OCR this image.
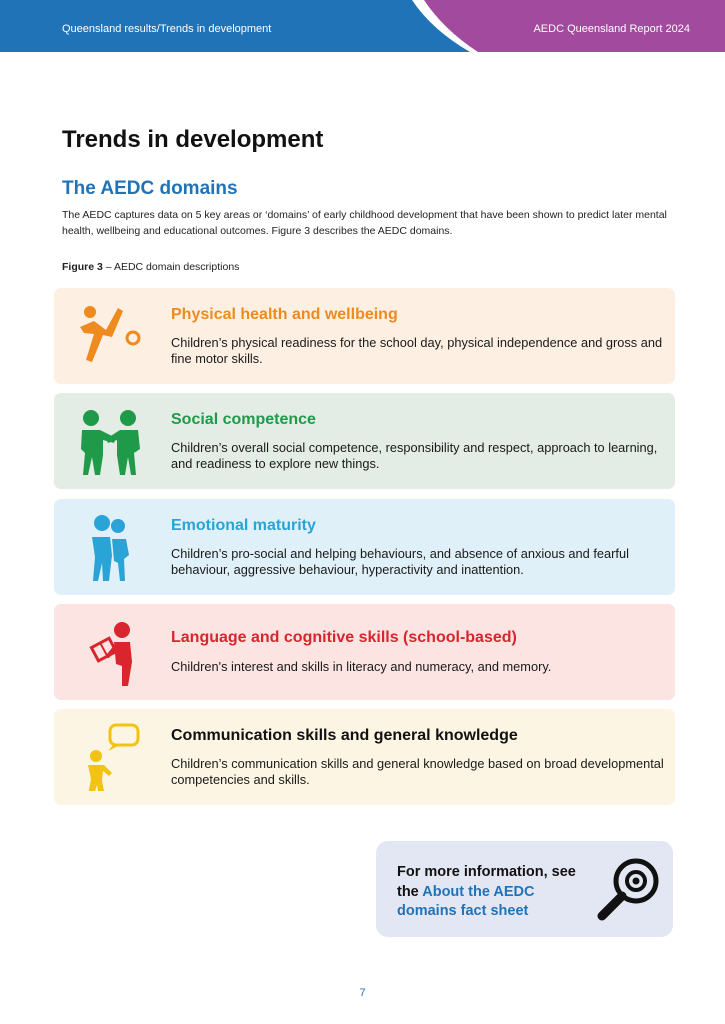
Queensland results/Trends in development	AEDC Queensland Report 2024
Trends in development
The AEDC domains

The AEDC captures data on 5 key areas or ‘domains’ of early childhood development that have been shown to predict later mental health, wellbeing and educational outcomes. Figure 3 describes the AEDC domains.

Figure 3 – AEDC domain descriptions

Physical health and wellbeing
Children’s physical readiness for the school day, physical independence and gross and fine motor skills.
Social competence
Children’s overall social competence, responsibility and respect, approach to learning, and readiness to explore new things.
Emotional maturity
Children’s pro-social and helping behaviours, and absence of anxious and fearful behaviour, aggressive behaviour, hyperactivity and inattention.
Language and cognitive skills (school-based)
Children's interest and skills in literacy and numeracy, and memory.
Communication skills and general knowledge
Children’s communication skills and general knowledge based on broad developmental competencies and skills.
For more information, see the About the AEDC domains fact sheet
7
